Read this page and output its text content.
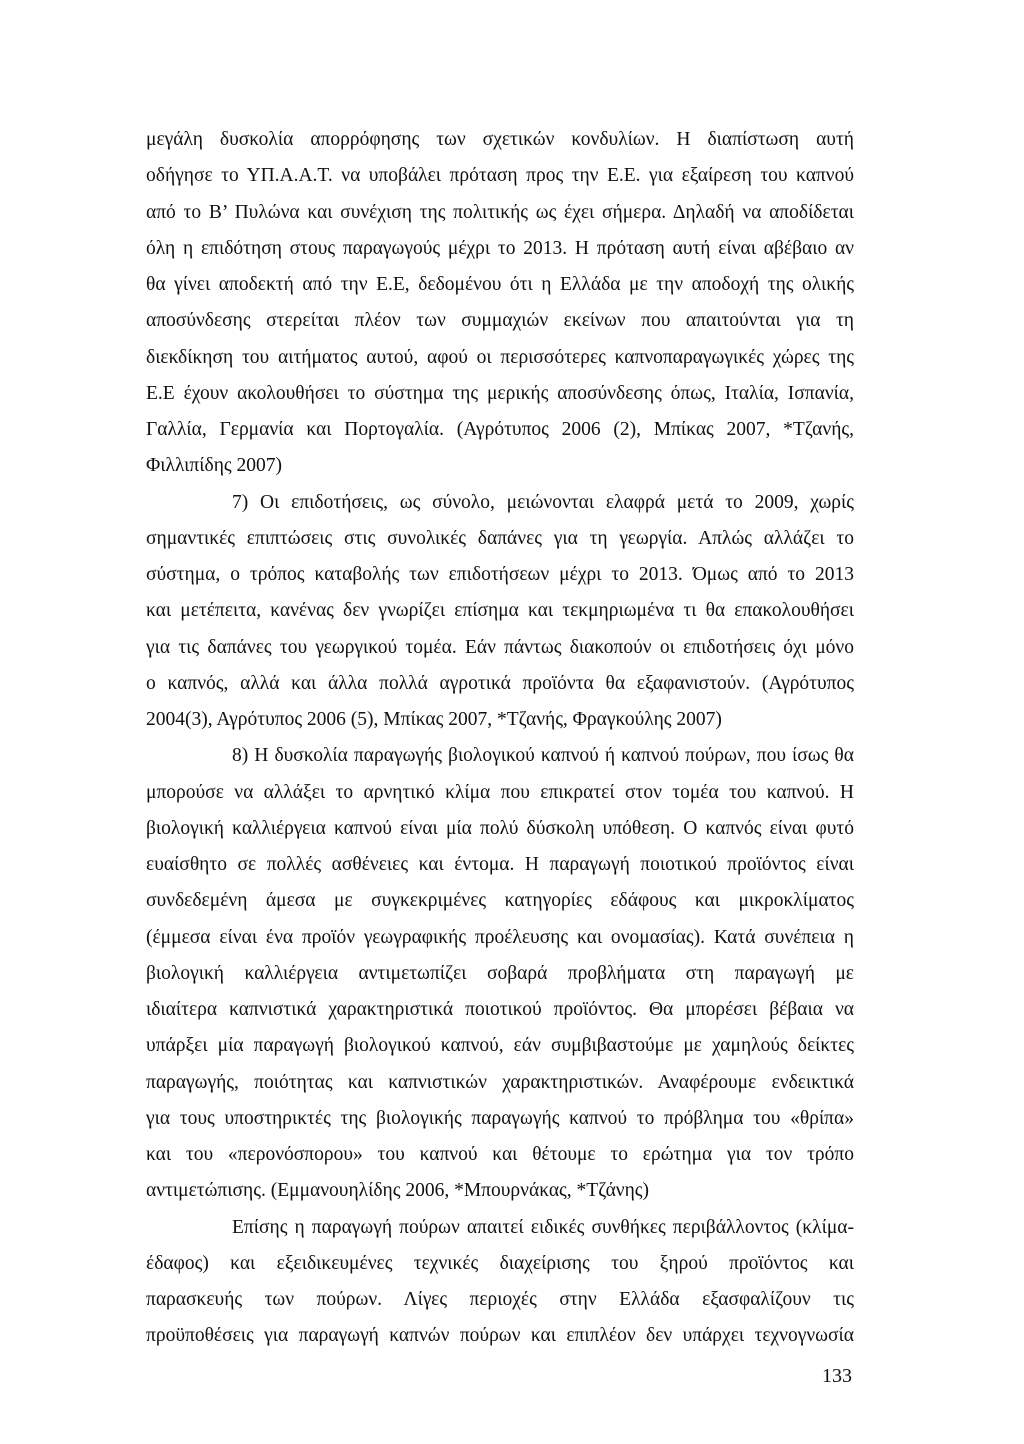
μεγάλη δυσκολία απορρόφησης των σχετικών κονδυλίων. Η διαπίστωση αυτή
οδήγησε το ΥΠ.Α.Α.Τ. να υποβάλει πρόταση προς την Ε.Ε. για εξαίρεση του καπνού
από το Β’ Πυλώνα και συνέχιση της πολιτικής ως έχει σήμερα. Δηλαδή να αποδίδεται
όλη η επιδότηση στους παραγωγούς μέχρι το 2013. Η πρόταση αυτή είναι αβέβαιο αν
θα γίνει αποδεκτή από την Ε.Ε, δεδομένου ότι η Ελλάδα με την αποδοχή της ολικής
αποσύνδεσης στερείται πλέον των συμμαχιών εκείνων που απαιτούνται για τη
διεκδίκηση του αιτήματος αυτού, αφού οι περισσότερες καπνοπαραγωγικές χώρες της
Ε.Ε έχουν ακολουθήσει το σύστημα της μερικής αποσύνδεσης όπως, Ιταλία, Ισπανία,
Γαλλία, Γερμανία και Πορτογαλία. (Αγρότυπος 2006 (2), Μπίκας 2007, *Τζανής,
Φιλλιπίδης 2007)
7) Οι επιδοτήσεις, ως σύνολο, μειώνονται ελαφρά μετά το 2009, χωρίς
σημαντικές επιπτώσεις στις συνολικές δαπάνες για τη γεωργία. Απλώς αλλάζει το
σύστημα, ο τρόπος καταβολής των επιδοτήσεων μέχρι το 2013. Όμως από το 2013
και μετέπειτα, κανένας δεν γνωρίζει επίσημα και τεκμηριωμένα τι θα επακολουθήσει
για τις δαπάνες του γεωργικού τομέα. Εάν πάντως διακοπούν οι επιδοτήσεις όχι μόνο
ο καπνός, αλλά και άλλα πολλά αγροτικά προϊόντα θα εξαφανιστούν. (Αγρότυπος
2004(3), Αγρότυπος 2006 (5), Μπίκας 2007, *Τζανής, Φραγκούλης 2007)
8) Η δυσκολία παραγωγής βιολογικού καπνού ή καπνού πούρων, που ίσως θα
μπορούσε να αλλάξει το αρνητικό κλίμα που επικρατεί στον τομέα του καπνού. Η
βιολογική καλλιέργεια καπνού είναι μία πολύ δύσκολη υπόθεση. Ο καπνός είναι φυτό
ευαίσθητο σε πολλές ασθένειες και έντομα. Η παραγωγή ποιοτικού προϊόντος είναι
συνδεδεμένη άμεσα με συγκεκριμένες κατηγορίες εδάφους και μικροκλίματος
(έμμεσα είναι ένα προϊόν γεωγραφικής προέλευσης και ονομασίας). Κατά συνέπεια η
βιολογική καλλιέργεια αντιμετωπίζει σοβαρά προβλήματα στη παραγωγή με
ιδιαίτερα καπνιστικά χαρακτηριστικά ποιοτικού προϊόντος. Θα μπορέσει βέβαια να
υπάρξει μία παραγωγή βιολογικού καπνού, εάν συμβιβαστούμε με χαμηλούς δείκτες
παραγωγής, ποιότητας και καπνιστικών χαρακτηριστικών. Αναφέρουμε ενδεικτικά
για τους υποστηρικτές της βιολογικής παραγωγής καπνού το πρόβλημα του «θρίπα»
και του «περονόσπορου» του καπνού και θέτουμε το ερώτημα για τον τρόπο
αντιμετώπισης. (Εμμανουηλίδης 2006, *Μπουρνάκας, *Τζάνης)
Επίσης η παραγωγή πούρων απαιτεί ειδικές συνθήκες περιβάλλοντος (κλίμα-
έδαφος) και εξειδικευμένες τεχνικές διαχείρισης του ξηρού προϊόντος και
παρασκευής των πούρων. Λίγες περιοχές στην Ελλάδα εξασφαλίζουν τις
προϋποθέσεις για παραγωγή καπνών πούρων και επιπλέον δεν υπάρχει τεχνογνωσία
133
